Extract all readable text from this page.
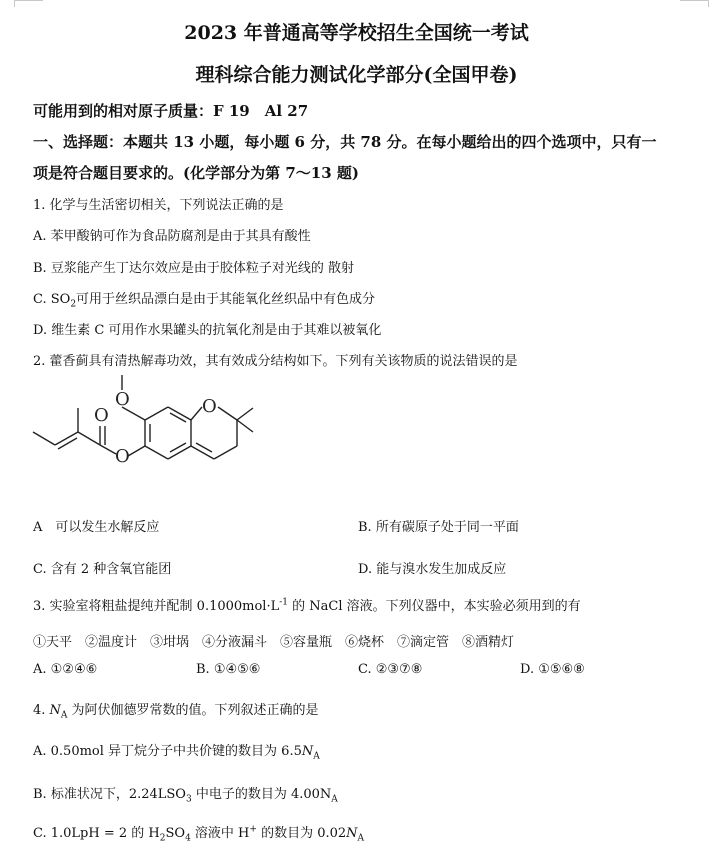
2023 年普通高等学校招生全国统一考试
理科综合能力测试化学部分(全国甲卷)
可能用到的相对原子质量：F 19　Al 27
一、选择题：本题共 13 小题，每小题 6 分，共 78 分。在每小题给出的四个选项中，只有一
项是符合题目要求的。(化学部分为第 7～13 题)
1. 化学与生活密切相关，下列说法正确的是
A. 苯甲酸钠可作为食品防腐剂是由于其具有酸性
B. 豆浆能产生丁达尔效应是由于胶体粒子对光线的 散射
C. $SO_2$可用于丝织品漂白是由于其能氧化丝织品中有色成分
D. 维生素 C 可用作水果罐头的抗氧化剂是由于其难以被氧化
2. 藿香蓟具有清热解毒功效，其有效成分结构如下。下列有关该物质的说法错误的是
O	O
O
O
A　可以发生水解反应	B. 所有碳原子处于同一平面
C. 含有 2 种含氧官能团	D. 能与溴水发生加成反应
3. 实验室将粗盐提纯并配制 $0.1000mol\cdot L^{-1}$ 的 NaCl 溶液。下列仪器中，本实验必须用到的有
①天平　②温度计　③坩埚　④分液漏斗　⑤容量瓶　⑥烧杯　⑦滴定管　⑧酒精灯
A. ①②④⑥	B. ①④⑤⑥	C. ②③⑦⑧	D. ①⑤⑥⑧
4. $N_A$ 为阿伏伽德罗常数的值。下列叙述正确的是
A. 0.50mol 异丁烷分子中共价键的数目为 $6.5N_A$
B. 标准状况下，$2.24LSO_3$ 中电子的数目为 $4.00N_A$
C. 1.0LpH = 2 的 $H_2SO_4$ 溶液中 H+ 的数目为 $0.02N_A$
